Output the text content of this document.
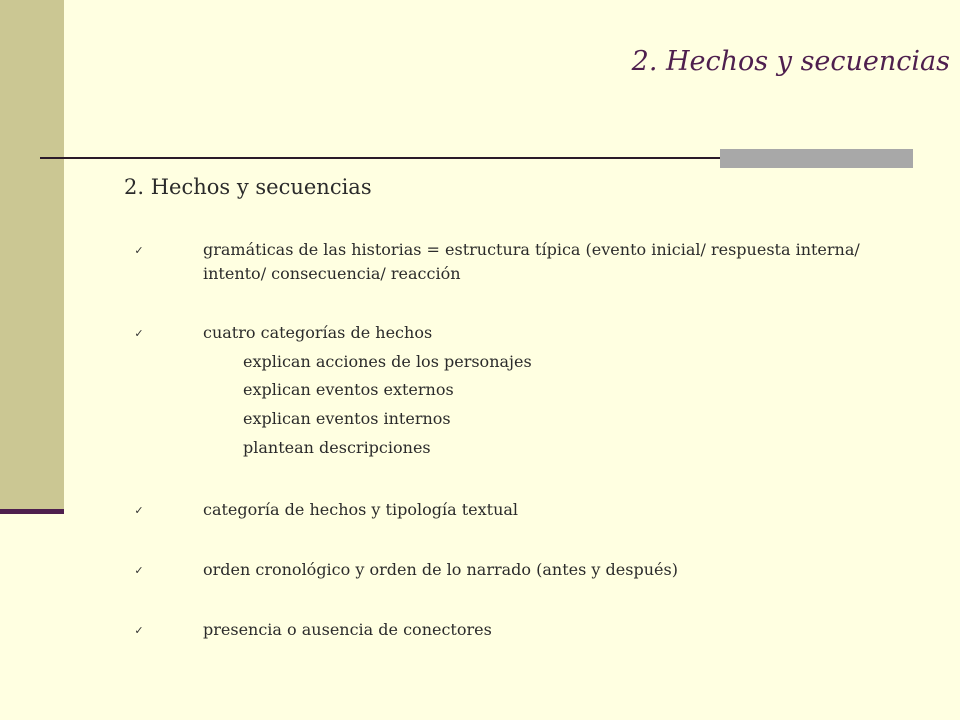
2. Hechos y secuencias
2. Hechos y secuencias
✓	gramáticas de las historias = estructura típica (evento inicial/ respuesta interna/ intento/ consecuencia/ reacción
✓	cuatro categorías de hechos
explican acciones de los personajes
explican eventos externos
explican eventos internos
plantean descripciones
✓	categoría de hechos y tipología textual
✓	orden cronológico y orden de lo narrado (antes y después)
✓	presencia o ausencia de conectores
